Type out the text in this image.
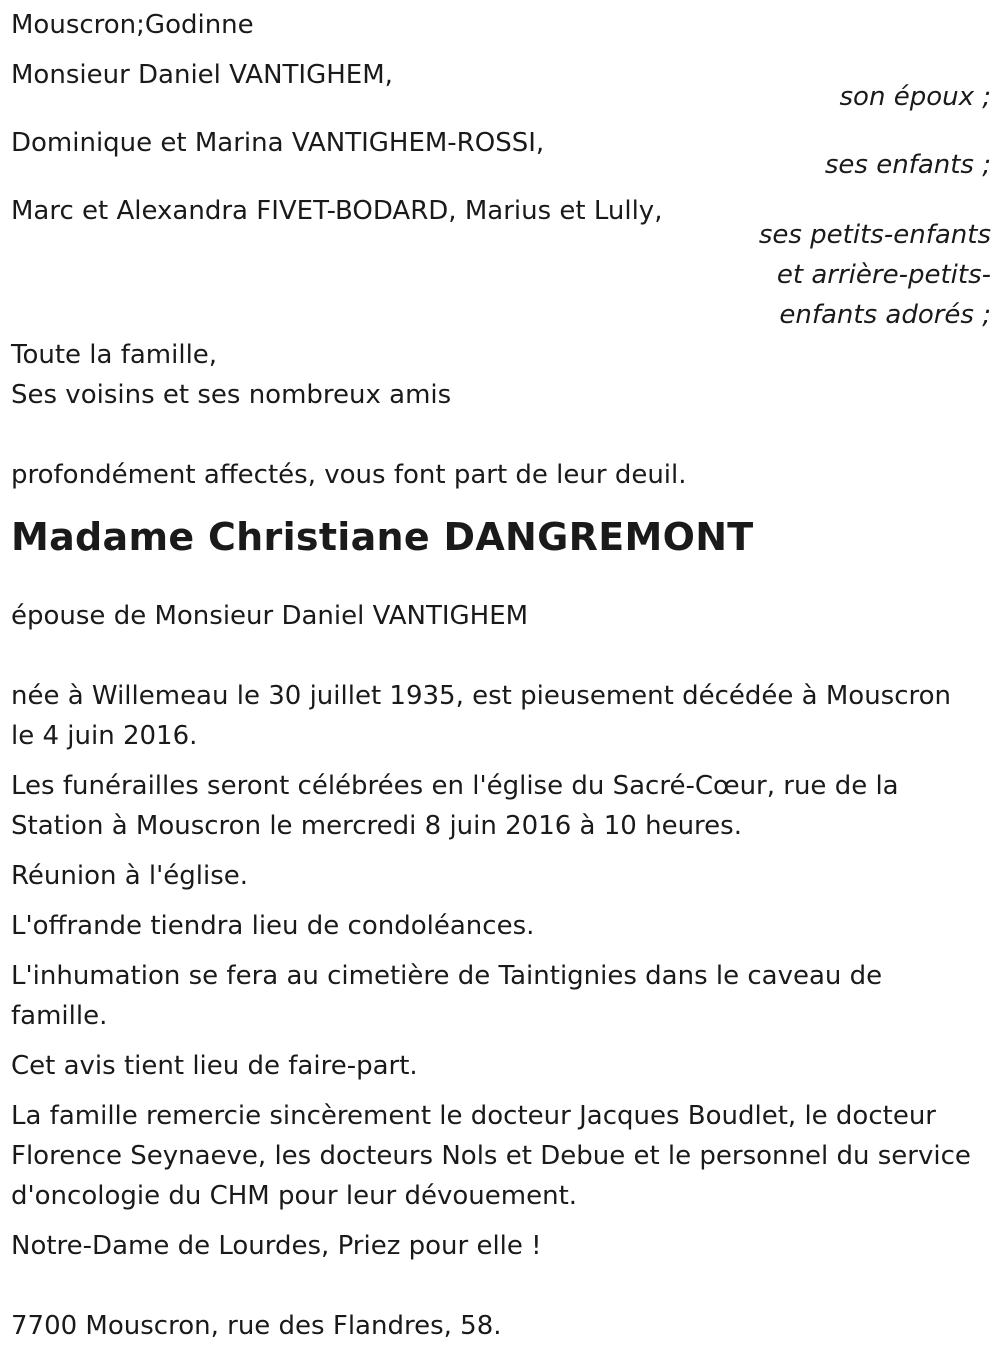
Mouscron;Godinne
Monsieur Daniel VANTIGHEM,
son époux ;
Dominique et Marina VANTIGHEM-ROSSI,
ses enfants ;
Marc et Alexandra FIVET-BODARD, Marius et Lully,
ses petits-enfants
et arrière-petits-
enfants adorés ;
Toute la famille,
Ses voisins et ses nombreux amis
profondément affectés, vous font part de leur deuil.
Madame Christiane DANGREMONT
épouse de Monsieur Daniel VANTIGHEM
née à Willemeau le 30 juillet 1935, est pieusement décédée à Mouscron
le 4 juin 2016.
Les funérailles seront célébrées en l'église du Sacré-Cœur, rue de la
Station à Mouscron le mercredi 8 juin 2016 à 10 heures.
Réunion à l'église.
L'offrande tiendra lieu de condoléances.
L'inhumation se fera au cimetière de Taintignies dans le caveau de
famille.
Cet avis tient lieu de faire-part.
La famille remercie sincèrement le docteur Jacques Boudlet, le docteur
Florence Seynaeve, les docteurs Nols et Debue et le personnel du service
d'oncologie du CHM pour leur dévouement.
Notre-Dame de Lourdes, Priez pour elle !
7700 Mouscron, rue des Flandres, 58.
